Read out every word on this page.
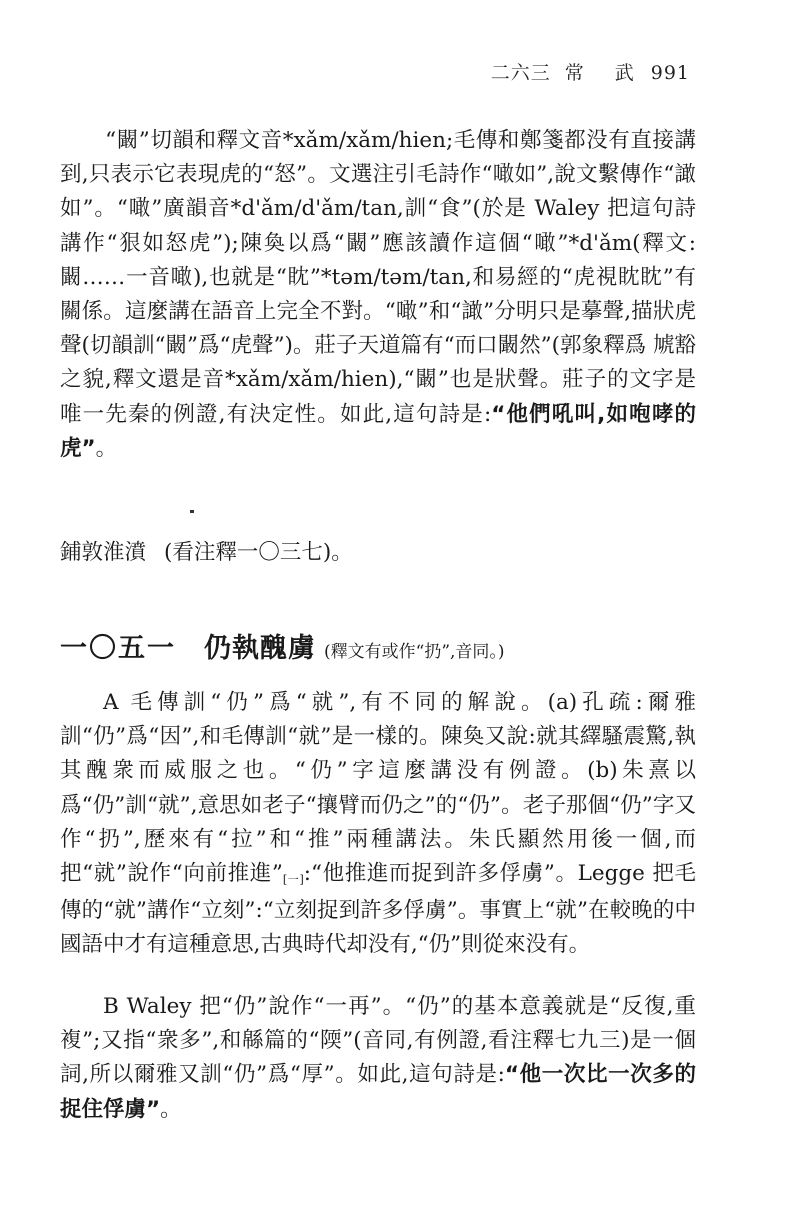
二六三 常 武 991
“闞”切韻和釋文音*xǎm/xǎm/hien;毛傳和鄭箋都没有直接講到,只表示它表現虎的“怒”。文選注引毛詩作“噉如”,說文繫傳作“譀如”。“噉”廣韻音*d'ǎm/d'ǎm/tan,訓“食”(於是 Waley 把這句詩講作“狠如怒虎”);陳奐以爲“闞”應該讀作這個“噉”*d'ǎm(釋文:闞……一音噉),也就是“眈”*təm/tǝm/tan,和易經的“虎視眈眈”有關係。這麼講在語音上完全不對。“噉”和“譀”分明只是摹聲,描狀虎聲(切韻訓“闞”爲“虎聲”)。莊子天道篇有“而口闞然”(郭象釋爲 虓豁之貌,釋文還是音*xǎm/xǎm/hien),“闞”也是狀聲。莊子的文字是唯一先秦的例證,有決定性。如此,這句詩是:“他們吼叫,如咆哮的虎”。
鋪敦淮濆 (看注釋一〇三七)。
一〇五一 仍執醜虜 (釋文有或作“扔”,音同。)
A 毛傳訓“仍”爲“就”,有不同的解說。(a)孔疏:爾雅訓“仍”爲“因”,和毛傳訓“就”是一樣的。陳奐又說:就其繹騷震驚,執其醜衆而威服之也。“仍”字這麼講没有例證。(b)朱熹以爲“仍”訓“就”,意思如老子“攘臂而仍之”的“仍”。老子那個“仍”字又作“扔”,歷來有“拉”和“推”兩種講法。朱氏顯然用後一個,而把“就”說作“向前推進”[一]:“他推進而捉到許多俘虜”。Legge 把毛傳的“就”講作“立刻”:“立刻捉到許多俘虜”。事實上“就”在較晚的中國語中才有這種意思,古典時代却没有,“仍”則從來没有。
B Waley 把“仍”說作“一再”。“仍”的基本意義就是“反復,重複”;又指“衆多”,和緜篇的“陾”(音同,有例證,看注釋七九三)是一個詞,所以爾雅又訓“仍”爲“厚”。如此,這句詩是:“他一次比一次多的捉住俘虜”。
